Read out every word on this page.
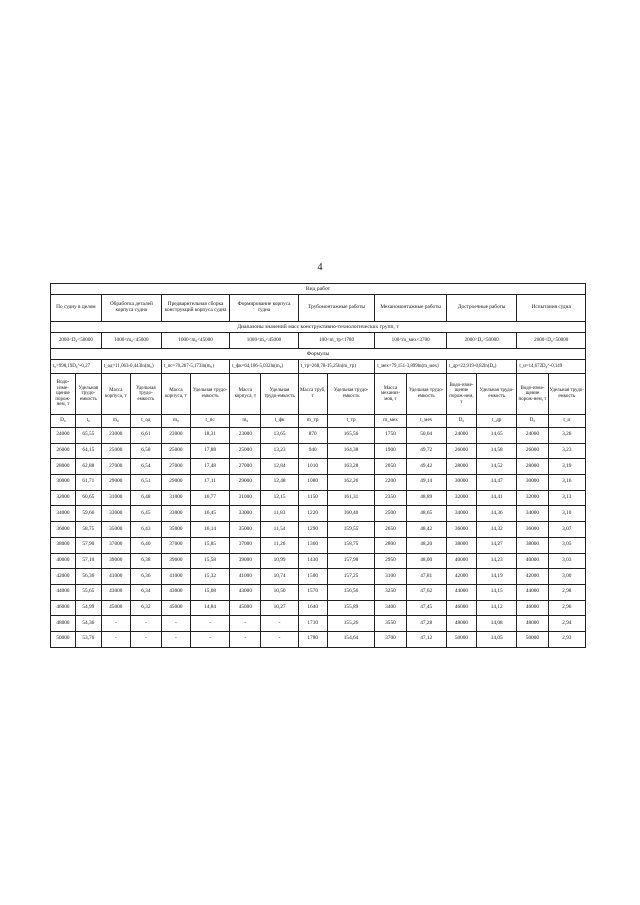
4
Вид работ															
По судну в целом		Обработка деталей корпуса судна		Предварительная сборка конструкций корпуса судна		Формирование корпуса судна		Трубомонтажные работы		Механомонтажные работы		Достроечные работы		Испытания судна	
Диапазоны значений масс конструктивно-технологических групп, т															
2000<D₀<50000		1000<m₀<45000		1000<m₀<45000		1000<m₀<45000		100<m_тр<1780		100<m_мех<3700		2000<D₀<50000		2000<D₀<50000	
Формулы															
t₀=998,19D₀^-0,27		t_од=11,063-0,443ln(m₀)		t_пс=70,267-5,173ln(m₀)		t_фк=64,186-5,032ln(m₀)		t_тр=268,78-15,25ln(m_тр)		t_мех=79,151-3,899ln(m_мех)		t_др=22,919-0,82ln(D₀)		t_и=14,672D₀^-0,149	
Водо-изме-щение порож-нем, т	Удельная трудо-емкость	Масса корпуса, т	Удельная трудо-емкость	Масса корпуса, т	Удельная трудо-емкость	Масса корпуса, т	Удельная трудо-емкость	Масса труб, т	Удельная трудо-емкость	Масса механиз-мов, т	Удельная трудо-емкость	Водо-изме-щение порож-нем, т	Удельная трудо-емкость	Водо-изме-щение порож-нем, т	Удельная трудо-емкость
D₀	t₀	m₀	t_од	m₀	t_пс	m₀	t_фк	m_тр	t_тр	m_мех	t_мех	D₀	t_др	D₀	t_и
24000	65,55	23000	6,61	23000	18,31	23000	13,65	870	165,56	1750	50,04	24000	14,65	24000	3,26
26000	64,15	25000	6,58	25000	17,88	25000	13,23	940	164,38	1900	49,72	26000	14,58	26000	3,23
28000	62,88	27000	6,54	27000	17,48	27000	12,84	1010	163,28	2050	49,42	28000	14,52	28000	3,19
30000	61,71	29000	6,51	29000	17,11	29000	12,48	1080	162,26	2200	49,14	30000	14,47	30000	3,16
32000	60,65	31000	6,48	31000	16,77	31000	12,15	1150	161,31	2350	48,89	32000	14,41	32000	3,13
34000	59,66	33000	6,45	33000	16,45	33000	11,83	1220	160,40	2500	48,65	34000	14,36	34000	3,10
36000	58,75	35000	6,43	35000	16,14	35000	11,54	1290	159,55	2650	48,42	36000	14,32	36000	3,07
38000	57,90	37000	6,40	37000	15,85	37000	11,26	1360	158,75	2800	48,20	38000	14,27	38000	3,05
40000	57,10	39000	6,38	39000	15,58	39000	10,99	1430	157,98	2950	48,00	40000	14,23	40000	3,03
42000	56,36	41000	6,36	41000	15,32	41000	10,74	1500	157,25	3100	47,81	42000	14,19	42000	3,00
44000	55,65	43000	6,34	43000	15,08	43000	10,50	1570	156,56	3250	47,62	44000	14,15	44000	2,98
46000	54,99	45000	6,32	45000	14,84	45000	10,27	1640	155,89	3400	47,45	46000	14,12	46000	2,96
48000	54,36	-	-	-	-	-	-	1710	155,26	3550	47,28	48000	14,08	48000	2,94
50000	53,76	-	-	-	-	-	-	1780	154,64	3700	47,12	50000	14,05	50000	2,93
